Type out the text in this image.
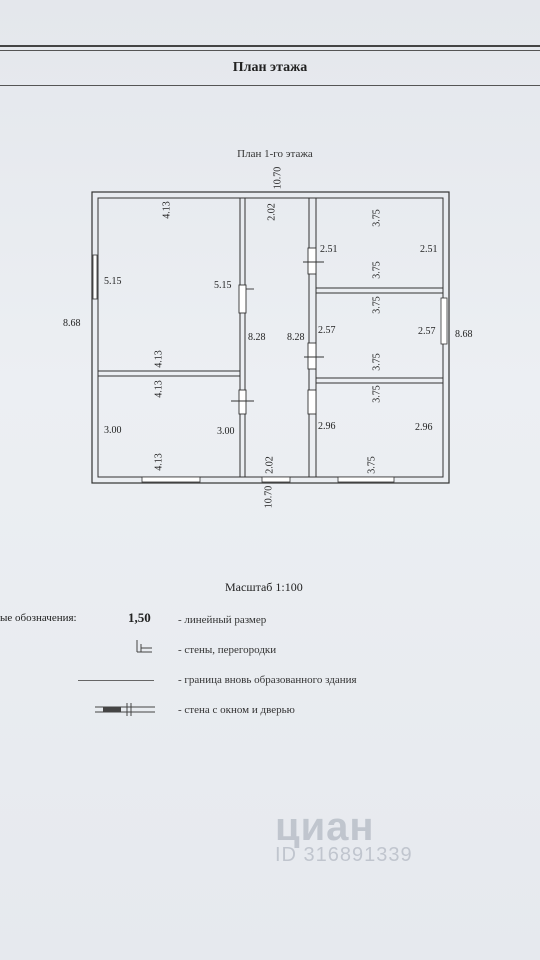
План этажа
План 1-го этажа
10.70
10.70
8.68
8.68
4.13
5.15	5.15
4.13
4.13
3.00	3.00
4.13
2.02
8.28 8.28
2.02
3.75
2.51	2.51
3.75
3.75
2.57	2.57
3.75
3.75
2.96	2.96
3.75
Масштаб 1:100
ые обозначения:	1,50 - линейный размер
- стены, перегородки
- граница вновь образованного здания
- стена с окном и дверью
циан
ID 316891339
